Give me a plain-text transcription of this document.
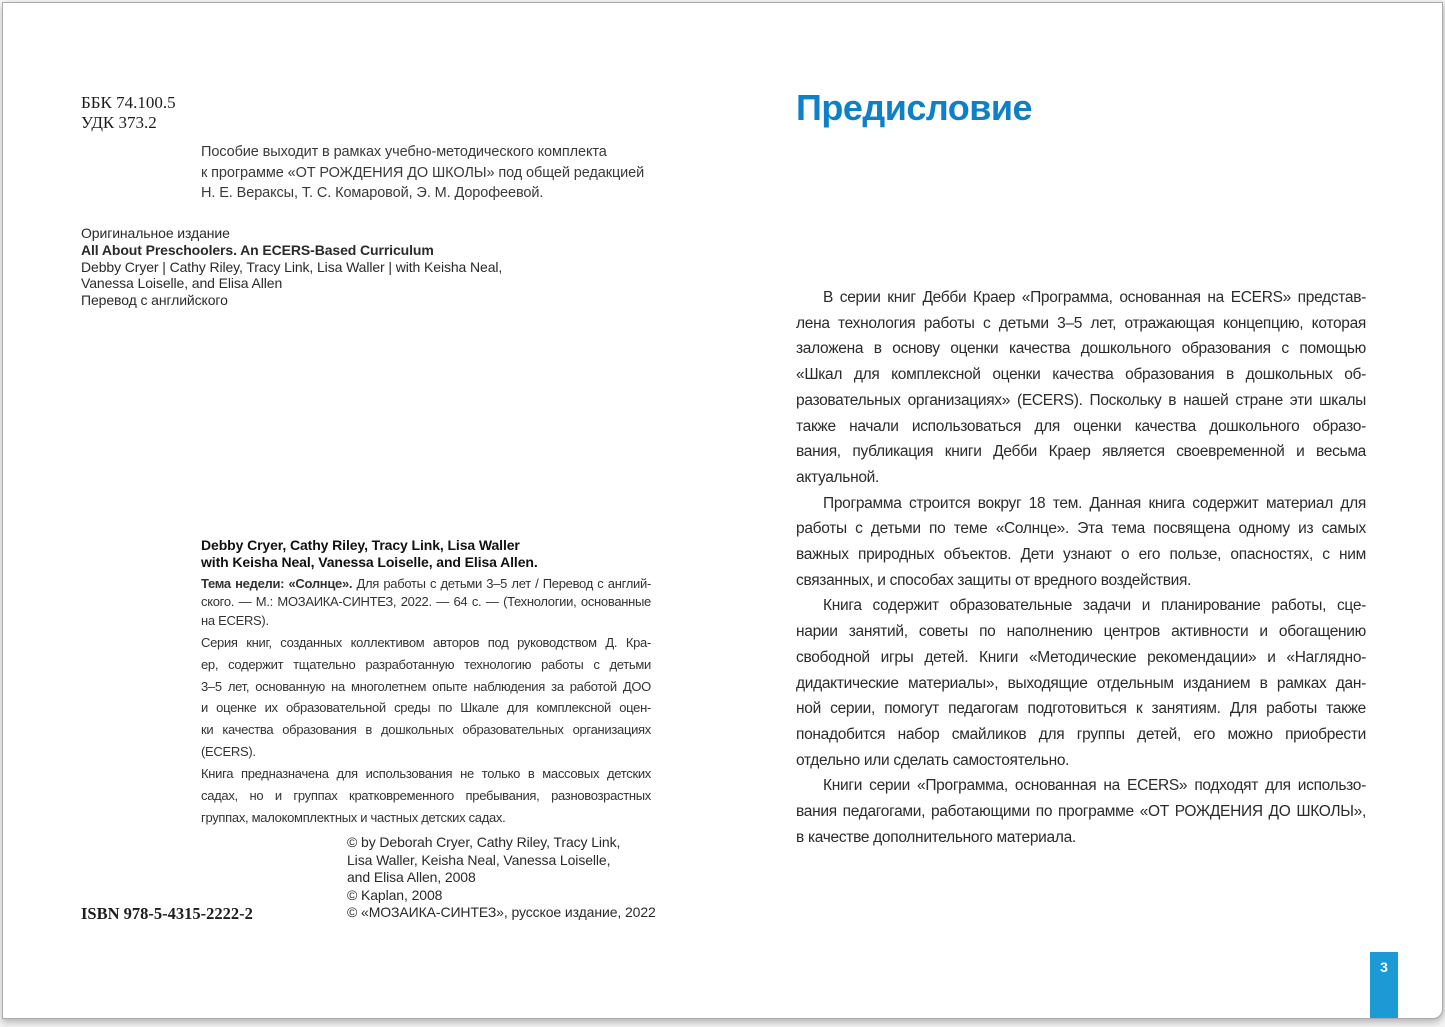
ББК 74.100.5
УДК 373.2
Пособие выходит в рамках учебно-методического комплекта
к программе «ОТ РОЖДЕНИЯ ДО ШКОЛЫ» под общей редакцией
Н. Е. Вераксы, Т. С. Комаровой, Э. М. Дорофеевой.
Оригинальное издание
All About Preschoolers. An ECERS-Based Curriculum
Debby Cryer | Cathy Riley, Tracy Link, Lisa Waller | with Keisha Neal,
Vanessa Loiselle, and Elisa Allen
Перевод с английского
Debby Cryer, Cathy Riley, Tracy Link, Lisa Waller
with Keisha Neal, Vanessa Loiselle, and Elisa Allen.
Тема недели: «Солнце». Для работы с детьми 3–5 лет / Перевод с англий-
ского. — М.: МОЗАИКА-СИНТЕЗ, 2022. — 64 с. — (Технологии, основанные
на ECERS).
Серия книг, созданных коллективом авторов под руководством Д. Кра-
ер, содержит тщательно разработанную технологию работы с детьми
3–5 лет, основанную на многолетнем опыте наблюдения за работой ДОО
и оценке их образовательной среды по Шкале для комплексной оцен-
ки качества образования в дошкольных образовательных организациях
(ECERS).
Книга предназначена для использования не только в массовых детских
садах, но и группах кратковременного пребывания, разновозрастных
группах, малокомплектных и частных детских садах.
© by Deborah Cryer, Cathy Riley, Tracy Link,
Lisa Waller, Keisha Neal, Vanessa Loiselle,
and Elisa Allen, 2008
© Kaplan, 2008
© «МОЗАИКА-СИНТЕЗ», русское издание, 2022
ISBN 978-5-4315-2222-2
Предисловие
В серии книг Дебби Краер «Программа, основанная на ECERS» представ-
лена технология работы с детьми 3–5 лет, отражающая концепцию, которая
заложена в основу оценки качества дошкольного образования с помощью
«Шкал для комплексной оценки качества образования в дошкольных об-
разовательных организациях» (ECERS). Поскольку в нашей стране эти шкалы
также начали использоваться для оценки качества дошкольного образо-
вания, публикация книги Дебби Краер является своевременной и весьма
актуальной.
Программа строится вокруг 18 тем. Данная книга содержит материал для
работы с детьми по теме «Солнце». Эта тема посвящена одному из самых
важных природных объектов. Дети узнают о его пользе, опасностях, с ним
связанных, и способах защиты от вредного воздействия.
Книга содержит образовательные задачи и планирование работы, сце-
нарии занятий, советы по наполнению центров активности и обогащению
свободной игры детей. Книги «Методические рекомендации» и «Наглядно-
дидактические материалы», выходящие отдельным изданием в рамках дан-
ной серии, помогут педагогам подготовиться к занятиям. Для работы также
понадобится набор смайликов для группы детей, его можно приобрести
отдельно или сделать самостоятельно.
Книги серии «Программа, основанная на ECERS» подходят для использо-
вания педагогами, работающими по программе «ОТ РОЖДЕНИЯ ДО ШКОЛЫ»,
в качестве дополнительного материала.
3
